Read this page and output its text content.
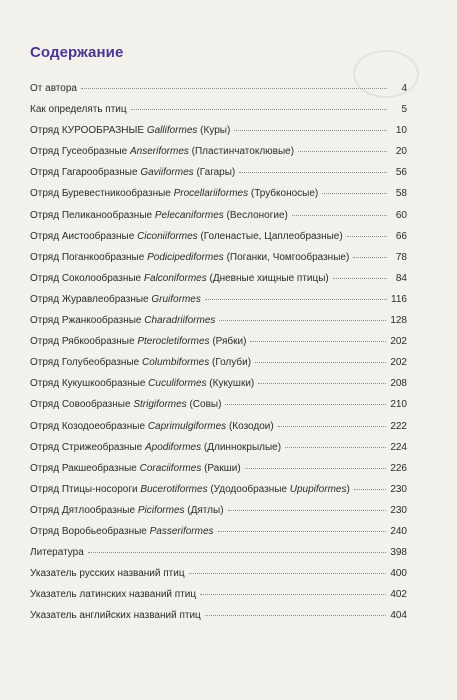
Содержание
От автора	4
Как определять птиц	5
Отряд КУРООБРАЗНЫЕ Galliformes (Куры)	10
Отряд Гусеобразные Anseriformes (Пластинчатоклювые)	20
Отряд Гагарообразные Gaviiformes (Гагары)	56
Отряд Буревестникообразные Procellariiformes (Трубконосые)	58
Отряд Пеликанообразные Pelecaniformes (Веслоногие)	60
Отряд Аистообразные Ciconiiformes (Голенастые, Цаплеобразные)	66
Отряд Поганкообразные Podicipediformes (Поганки, Чомгообразные)	78
Отряд Соколообразные Falconiformes (Дневные хищные птицы)	84
Отряд Журавлеобразные Gruiformes	116
Отряд Ржанкообразные Charadriiformes	128
Отряд Рябкообразные Pterocletiformes (Рябки)	202
Отряд Голубеобразные Columbiformes (Голуби)	202
Отряд Кукушкообразные Cuculiformes (Кукушки)	208
Отряд Совообразные Strigiformes (Совы)	210
Отряд Козодоеобразные Caprimulgiformes (Козодои)	222
Отряд Стрижеобразные Apodiformes (Длиннокрылые)	224
Отряд Ракшеобразные Coraciiformes (Ракши)	226
Отряд Птицы-носороги Bucerotiformes (Удодообразные Upupiformes)	230
Отряд Дятлообразные Piciformes (Дятлы)	230
Отряд Воробьеобразные Passeriformes	240
Литература	398
Указатель русских названий птиц	400
Указатель латинских названий птиц	402
Указатель английских названий птиц	404
